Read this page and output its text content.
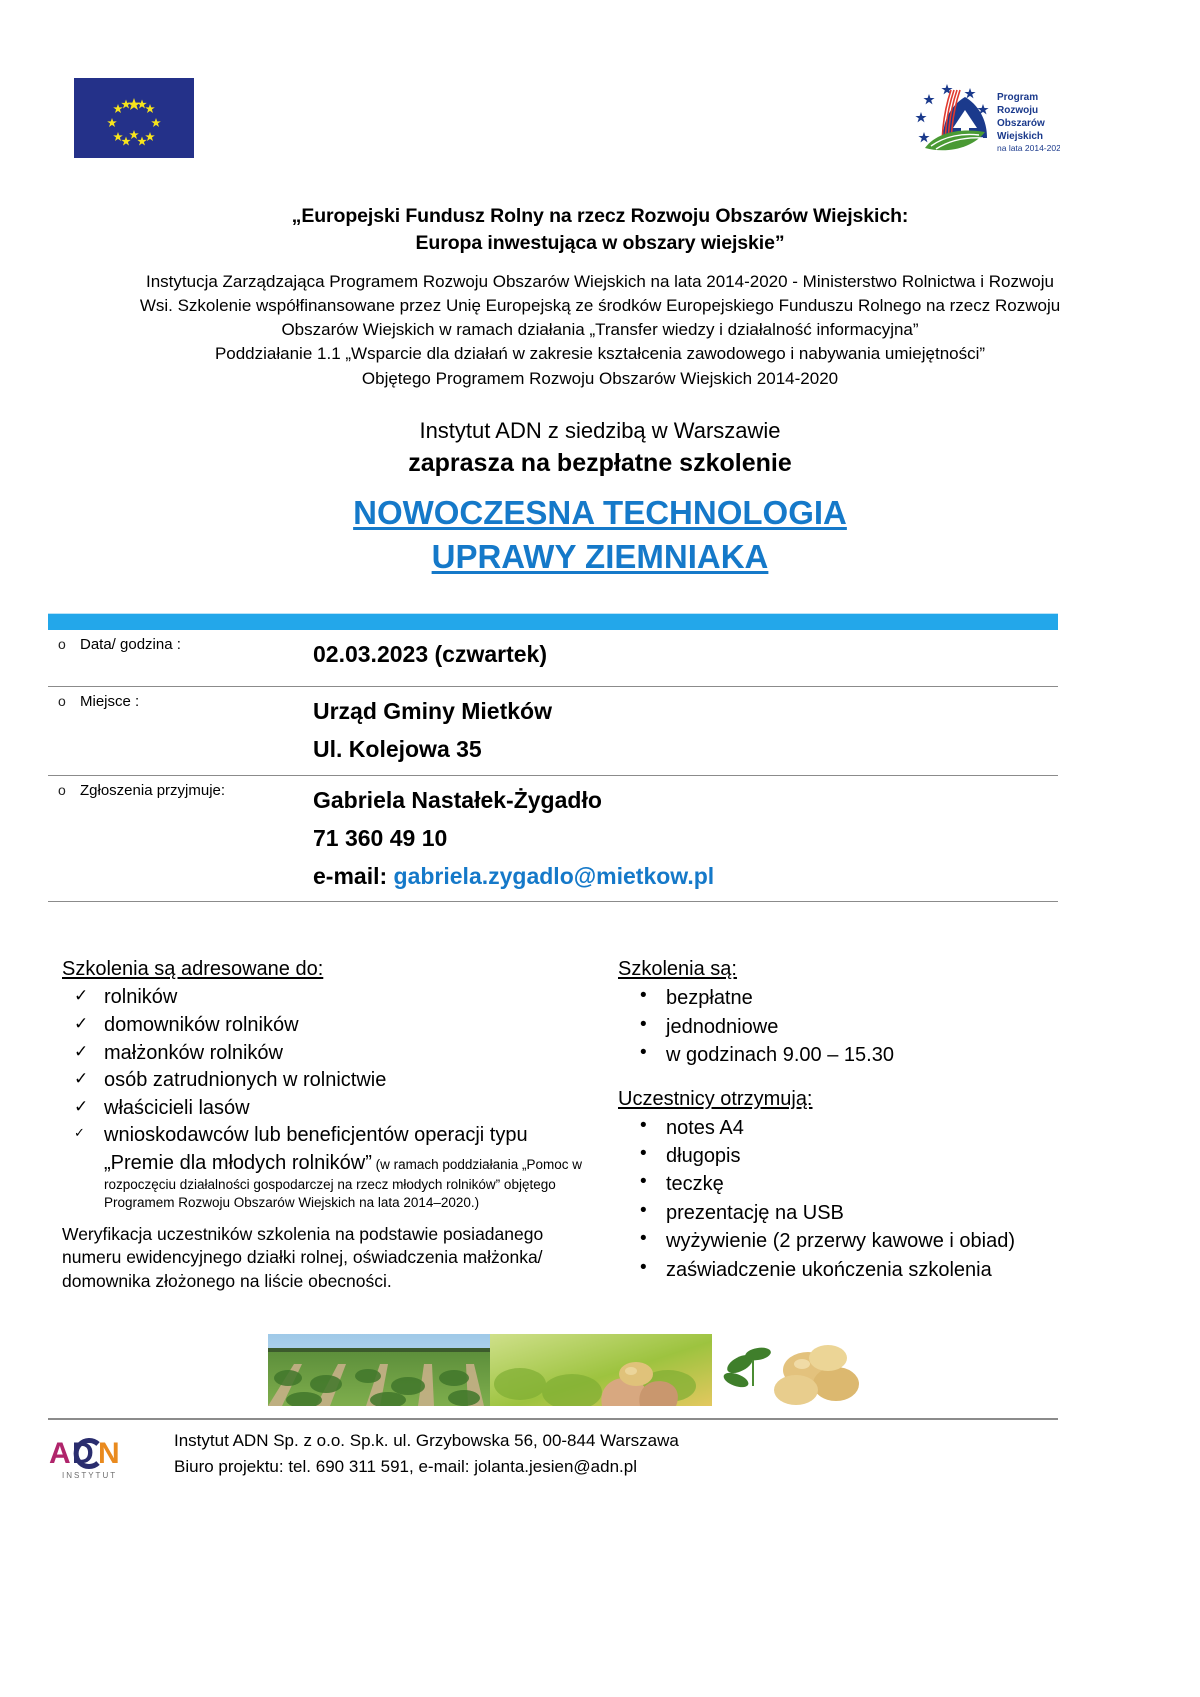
Program
Rozwoju
Obszarów
Wiejskich
na lata 2014-2020
„Europejski Fundusz Rolny na rzecz Rozwoju Obszarów Wiejskich:
Europa inwestująca w obszary wiejskie”
Instytucja Zarządzająca Programem Rozwoju Obszarów Wiejskich na lata 2014-2020 - Ministerstwo Rolnictwa i Rozwoju
Wsi. Szkolenie współfinansowane przez Unię Europejską ze środków Europejskiego Funduszu Rolnego na rzecz Rozwoju
Obszarów Wiejskich w ramach działania „Transfer wiedzy i działalność informacyjna”
Poddziałanie 1.1 „Wsparcie dla działań w zakresie kształcenia zawodowego i nabywania umiejętności”
Objętego Programem Rozwoju Obszarów Wiejskich 2014-2020
Instytut ADN z siedzibą w Warszawie
zaprasza na bezpłatne szkolenie
NOWOCZESNA TECHNOLOGIA
UPRAWY ZIEMNIAKA
o Data/ godzina :	02.03.2023 (czwartek)
o Miejsce :	Urząd Gminy Mietków
Ul. Kolejowa 35
o Zgłoszenia przyjmuje:	Gabriela Nastałek-Żygadło
71 360 49 10
e-mail: gabriela.zygadlo@mietkow.pl
Szkolenia są adresowane do:
✓ rolników
✓ domowników rolników
✓ małżonków rolników
✓ osób zatrudnionych w rolnictwie
✓ właścicieli lasów
✓ wnioskodawców lub beneficjentów operacji typu
„Premie dla młodych rolników” (w ramach poddziałania „Pomoc w rozpoczęciu działalności gospodarczej na rzecz młodych rolników” objętego Programem Rozwoju Obszarów Wiejskich na lata 2014–2020.)
Weryfikacja uczestników szkolenia na podstawie posiadanego numeru ewidencyjnego działki rolnej, oświadczenia małżonka/ domownika złożonego na liście obecności.
Szkolenia są:
• bezpłatne
• jednodniowe
• w godzinach 9.00 – 15.30
Uczestnicy otrzymują:
• notes A4
• długopis
• teczkę
• prezentację na USB
• wyżywienie (2 przerwy kawowe i obiad)
• zaświadczenie ukończenia szkolenia
A D N
INSTYTUT
Instytut ADN Sp. z o.o. Sp.k. ul. Grzybowska 56, 00-844 Warszawa
Biuro projektu: tel. 690 311 591, e-mail: jolanta.jesien@adn.pl
